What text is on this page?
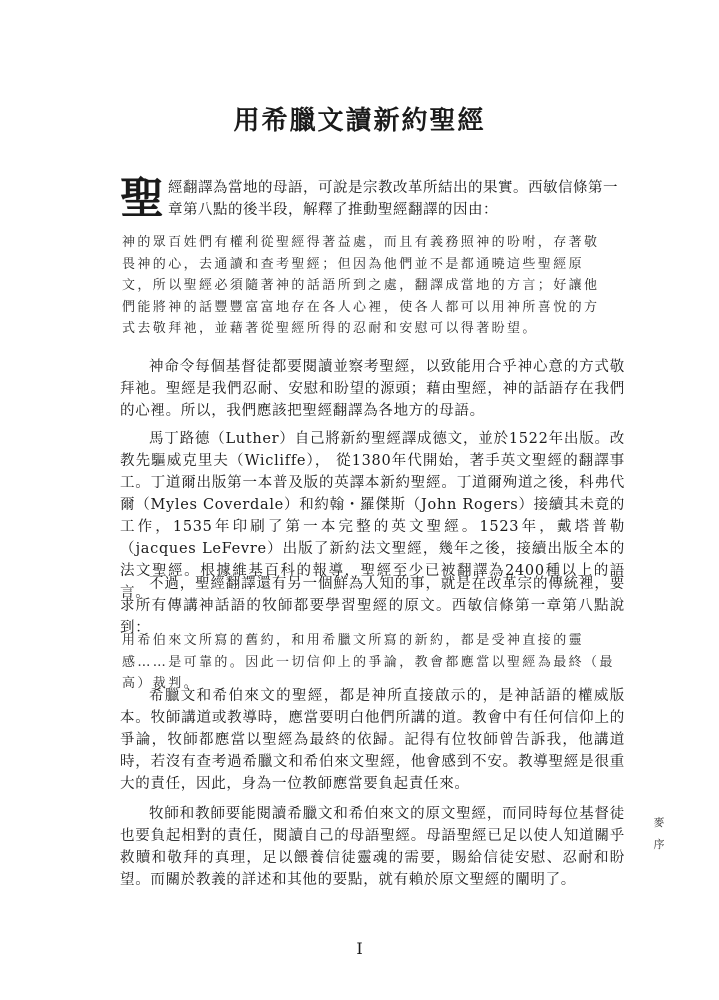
用希臘文讀新約聖經
聖 經翻譯為當地的母語，可說是宗教改革所結出的果實。西敏信條第一章第八點的後半段，解釋了推動聖經翻譯的因由：
神的眾百姓們有權利從聖經得著益處，而且有義務照神的吩咐，存著敬畏神的心，去通讀和查考聖經；但因為他們並不是都通曉這些聖經原文，所以聖經必須隨著神的話語所到之處，翻譯成當地的方言；好讓他們能將神的話豐豐富富地存在各人心裡，使各人都可以用神所喜悅的方式去敬拜祂，並藉著從聖經所得的忍耐和安慰可以得著盼望。
神命令每個基督徒都要閱讀並察考聖經，以致能用合乎神心意的方式敬拜祂。聖經是我們忍耐、安慰和盼望的源頭；藉由聖經，神的話語存在我們的心裡。所以，我們應該把聖經翻譯為各地方的母語。
馬丁路德（Luther）自己將新約聖經譯成德文，並於1522年出版。改教先驅威克里夫（Wicliffe）， 從1380年代開始，著手英文聖經的翻譯事工。丁道爾出版第一本普及版的英譯本新約聖經。丁道爾殉道之後，科弗代爾（Myles Coverdale）和約翰・羅傑斯（John Rogers）接續其未竟的工作，1535年印刷了第一本完整的英文聖經。1523年，戴塔普勒（jacques LeFevre）出版了新約法文聖經，幾年之後，接續出版全本的法文聖經。根據維基百科的報導，聖經至少已被翻譯為2400種以上的語言。
不過，聖經翻譯還有另一個鮮為人知的事，就是在改革宗的傳統裡，要求所有傳講神話語的牧師都要學習聖經的原文。西敏信條第一章第八點說到：
用希伯來文所寫的舊約，和用希臘文所寫的新約，都是受神直接的靈感……是可靠的。因此一切信仰上的爭論，教會都應當以聖經為最終（最高）裁判。
希臘文和希伯來文的聖經，都是神所直接啟示的，是神話語的權威版本。牧師講道或教導時，應當要明白他們所講的道。教會中有任何信仰上的爭論，牧師都應當以聖經為最終的依歸。記得有位牧師曾告訴我，他講道時，若沒有查考過希臘文和希伯來文聖經，他會感到不安。教導聖經是很重大的責任，因此，身為一位教師應當要負起責任來。
牧師和教師要能閱讀希臘文和希伯來文的原文聖經，而同時每位基督徒也要負起相對的責任，閱讀自己的母語聖經。母語聖經已足以使人知道關乎救贖和敬拜的真理，足以餵養信徒靈魂的需要，賜給信徒安慰、忍耐和盼望。而關於教義的詳述和其他的要點，就有賴於原文聖經的闡明了。
麥 序
I
